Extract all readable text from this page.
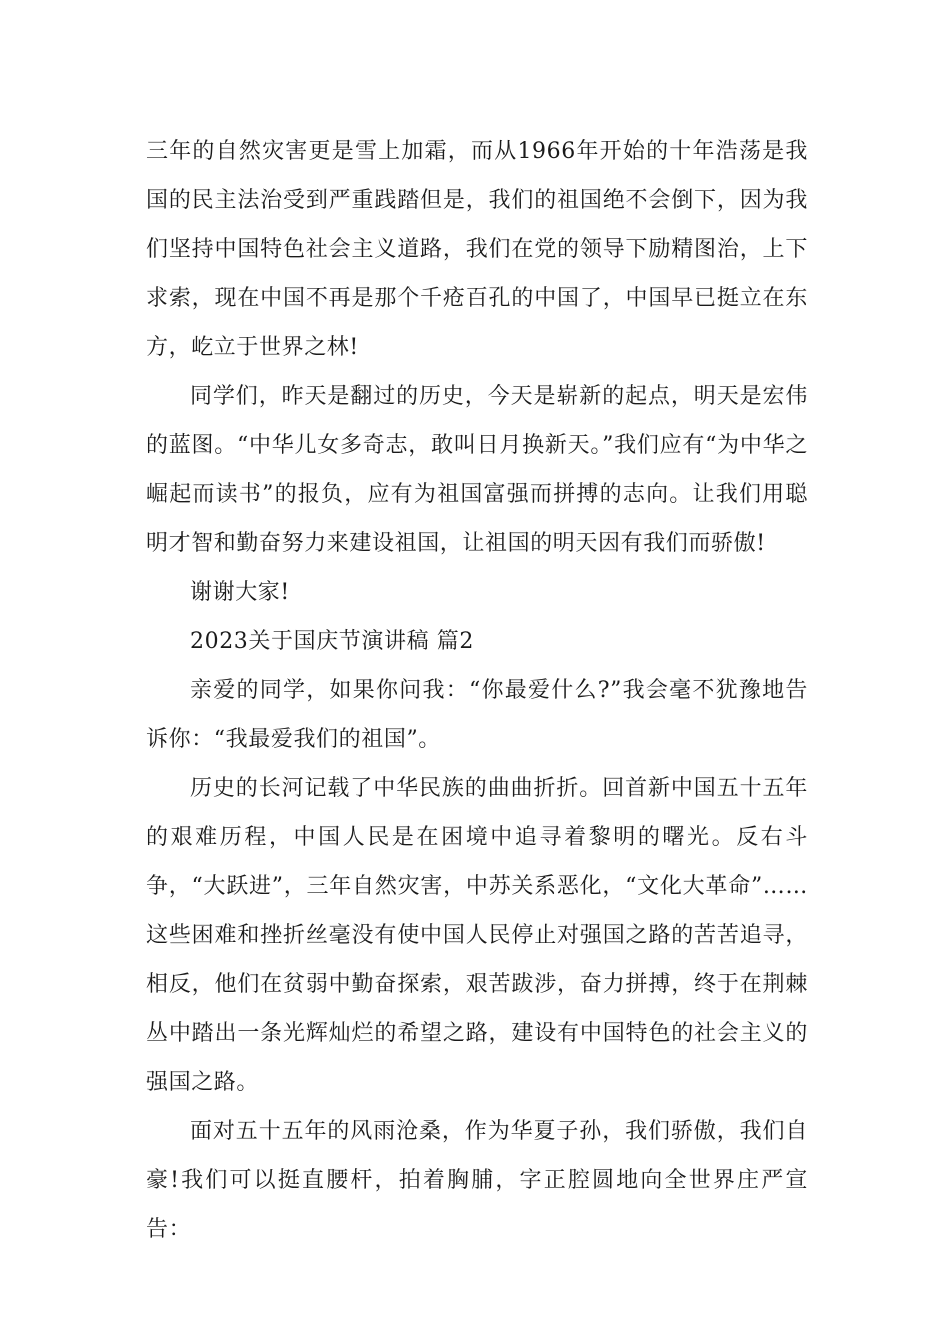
三年的自然灾害更是雪上加霜，而从1966年开始的十年浩荡是我国的民主法治受到严重践踏但是，我们的祖国绝不会倒下，因为我们坚持中国特色社会主义道路，我们在党的领导下励精图治，上下求索，现在中国不再是那个千疮百孔的中国了，中国早已挺立在东方，屹立于世界之林!

同学们，昨天是翻过的历史，今天是崭新的起点，明天是宏伟的蓝图。“中华儿女多奇志，敢叫日月换新天。”我们应有“为中华之崛起而读书”的报负，应有为祖国富强而拼搏的志向。让我们用聪明才智和勤奋努力来建设祖国，让祖国的明天因有我们而骄傲!

谢谢大家!

2023关于国庆节演讲稿 篇2

亲爱的同学，如果你问我：“你最爱什么?”我会毫不犹豫地告诉你：“我最爱我们的祖国”。

历史的长河记载了中华民族的曲曲折折。回首新中国五十五年的艰难历程，中国人民是在困境中追寻着黎明的曙光。反右斗争，“大跃进”，三年自然灾害，中苏关系恶化，“文化大革命”……这些困难和挫折丝毫没有使中国人民停止对强国之路的苦苦追寻，相反，他们在贫弱中勤奋探索，艰苦跋涉，奋力拼搏，终于在荆棘丛中踏出一条光辉灿烂的希望之路，建设有中国特色的社会主义的强国之路。

面对五十五年的风雨沧桑，作为华夏子孙，我们骄傲，我们自豪!我们可以挺直腰杆，拍着胸脯，字正腔圆地向全世界庄严宣告：
